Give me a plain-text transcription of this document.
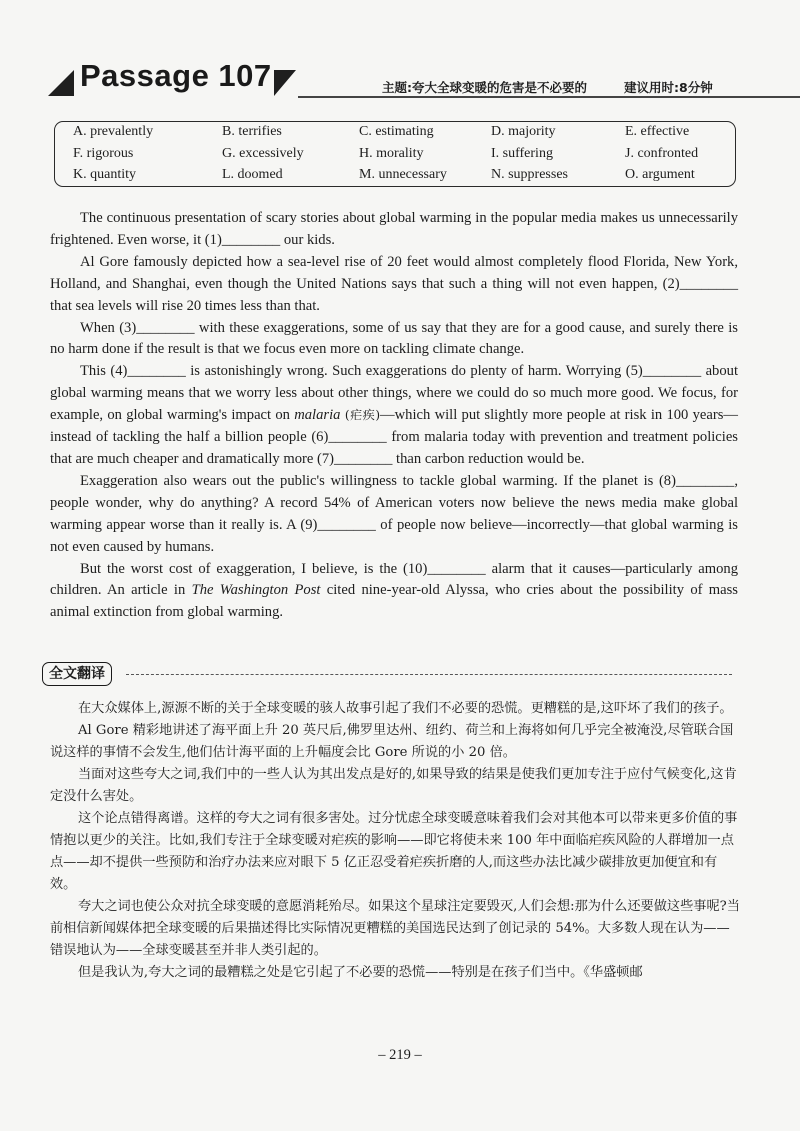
Passage 107	主题:夸大全球变暖的危害是不必要的	建议用时:8分钟
A. prevalently	B. terrifies	C. estimating	D. majority	E. effective
F. rigorous	G. excessively	H. morality	I. suffering	J. confronted
K. quantity	L. doomed	M. unnecessary	N. suppresses	O. argument

The continuous presentation of scary stories about global warming in the popular media makes us unnecessarily frightened. Even worse, it (1)________ our kids.

Al Gore famously depicted how a sea-level rise of 20 feet would almost completely flood Florida, New York, Holland, and Shanghai, even though the United Nations says that such a thing will not even happen, (2)________ that sea levels will rise 20 times less than that.

When (3)________ with these exaggerations, some of us say that they are for a good cause, and surely there is no harm done if the result is that we focus even more on tackling climate change.

This (4)________ is astonishingly wrong. Such exaggerations do plenty of harm. Worrying (5)________ about global warming means that we worry less about other things, where we could do so much more good. We focus, for example, on global warming's impact on malaria (疟疾)—which will put slightly more people at risk in 100 years—instead of tackling the half a billion people (6)________ from malaria today with prevention and treatment policies that are much cheaper and dramatically more (7)________ than carbon reduction would be.

Exaggeration also wears out the public's willingness to tackle global warming. If the planet is (8)________, people wonder, why do anything? A record 54% of American voters now believe the news media make global warming appear worse than it really is. A (9)________ of people now believe—incorrectly—that global warming is not even caused by humans.

But the worst cost of exaggeration, I believe, is the (10)________ alarm that it causes—particularly among children. An article in The Washington Post cited nine-year-old Alyssa, who cries about the possibility of mass animal extinction from global warming.

全文翻译

在大众媒体上,源源不断的关于全球变暖的骇人故事引起了我们不必要的恐慌。更糟糕的是,这吓坏了我们的孩子。

Al Gore 精彩地讲述了海平面上升 20 英尺后,佛罗里达州、纽约、荷兰和上海将如何几乎完全被淹没,尽管联合国说这样的事情不会发生,他们估计海平面的上升幅度会比 Gore 所说的小 20 倍。

当面对这些夸大之词,我们中的一些人认为其出发点是好的,如果导致的结果是使我们更加专注于应付气候变化,这肯定没什么害处。

这个论点错得离谱。这样的夸大之词有很多害处。过分忧虑全球变暖意味着我们会对其他本可以带来更多价值的事情抱以更少的关注。比如,我们专注于全球变暖对疟疾的影响——即它将使未来 100 年中面临疟疾风险的人群增加一点点——却不提供一些预防和治疗办法来应对眼下 5 亿正忍受着疟疾折磨的人,而这些办法比减少碳排放更加便宜和有效。

夸大之词也使公众对抗全球变暖的意愿消耗殆尽。如果这个星球注定要毁灭,人们会想:那为什么还要做这些事呢?当前相信新闻媒体把全球变暖的后果描述得比实际情况更糟糕的美国选民达到了创记录的 54%。大多数人现在认为——错误地认为——全球变暖甚至并非人类引起的。

但是我认为,夸大之词的最糟糕之处是它引起了不必要的恐慌——特别是在孩子们当中。《华盛顿邮

– 219 –
